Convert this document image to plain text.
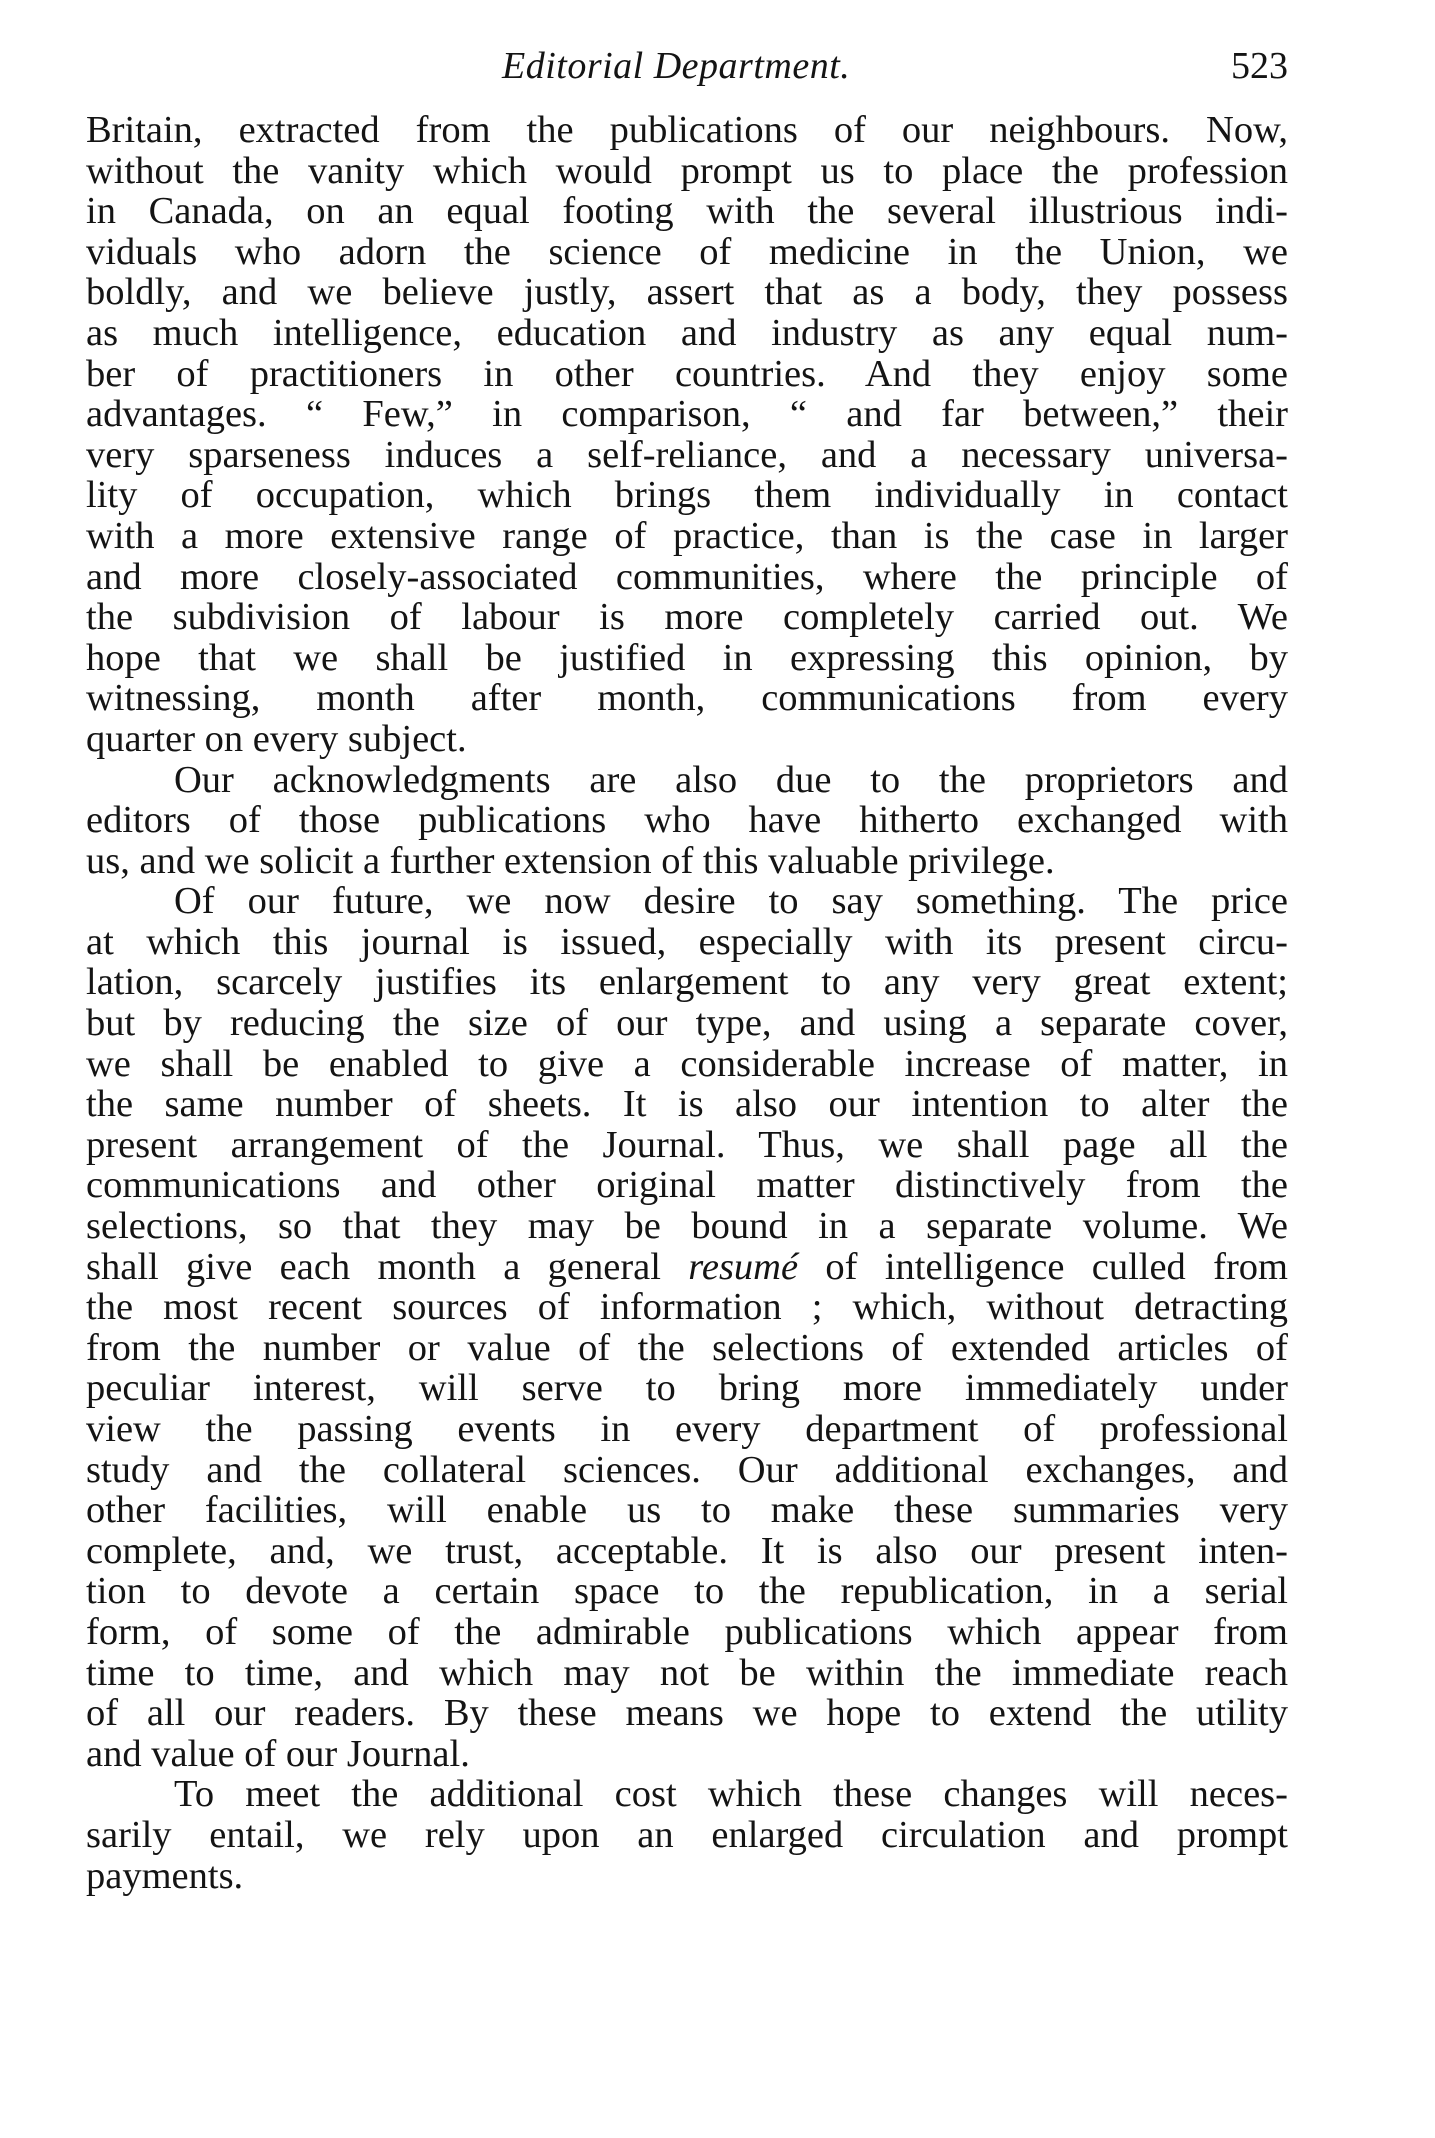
Editorial Department.	523
Britain, extracted from the publications of our neighbours. Now,
without the vanity which would prompt us to place the profession
in Canada, on an equal footing with the several illustrious indi-
viduals who adorn the science of medicine in the Union, we
boldly, and we believe justly, assert that as a body, they possess
as much intelligence, education and industry as any equal num-
ber of practitioners in other countries. And they enjoy some
advantages. “ Few,” in comparison, “ and far between,” their
very sparseness induces a self-reliance, and a necessary universa-
lity of occupation, which brings them individually in contact
with a more extensive range of practice, than is the case in larger
and more closely-associated communities, where the principle of
the subdivision of labour is more completely carried out. We
hope that we shall be justified in expressing this opinion, by
witnessing, month after month, communications from every
quarter on every subject.
Our acknowledgments are also due to the proprietors and
editors of those publications who have hitherto exchanged with
us, and we solicit a further extension of this valuable privilege.
Of our future, we now desire to say something. The price
at which this journal is issued, especially with its present circu-
lation, scarcely justifies its enlargement to any very great extent;
but by reducing the size of our type, and using a separate cover,
we shall be enabled to give a considerable increase of matter, in
the same number of sheets. It is also our intention to alter the
present arrangement of the Journal. Thus, we shall page all the
communications and other original matter distinctively from the
selections, so that they may be bound in a separate volume. We
shall give each month a general resumé of intelligence culled from
the most recent sources of information ; which, without detracting
from the number or value of the selections of extended articles of
peculiar interest, will serve to bring more immediately under
view the passing events in every department of professional
study and the collateral sciences. Our additional exchanges, and
other facilities, will enable us to make these summaries very
complete, and, we trust, acceptable. It is also our present inten-
tion to devote a certain space to the republication, in a serial
form, of some of the admirable publications which appear from
time to time, and which may not be within the immediate reach
of all our readers. By these means we hope to extend the utility
and value of our Journal.
To meet the additional cost which these changes will neces-
sarily entail, we rely upon an enlarged circulation and prompt
payments.
